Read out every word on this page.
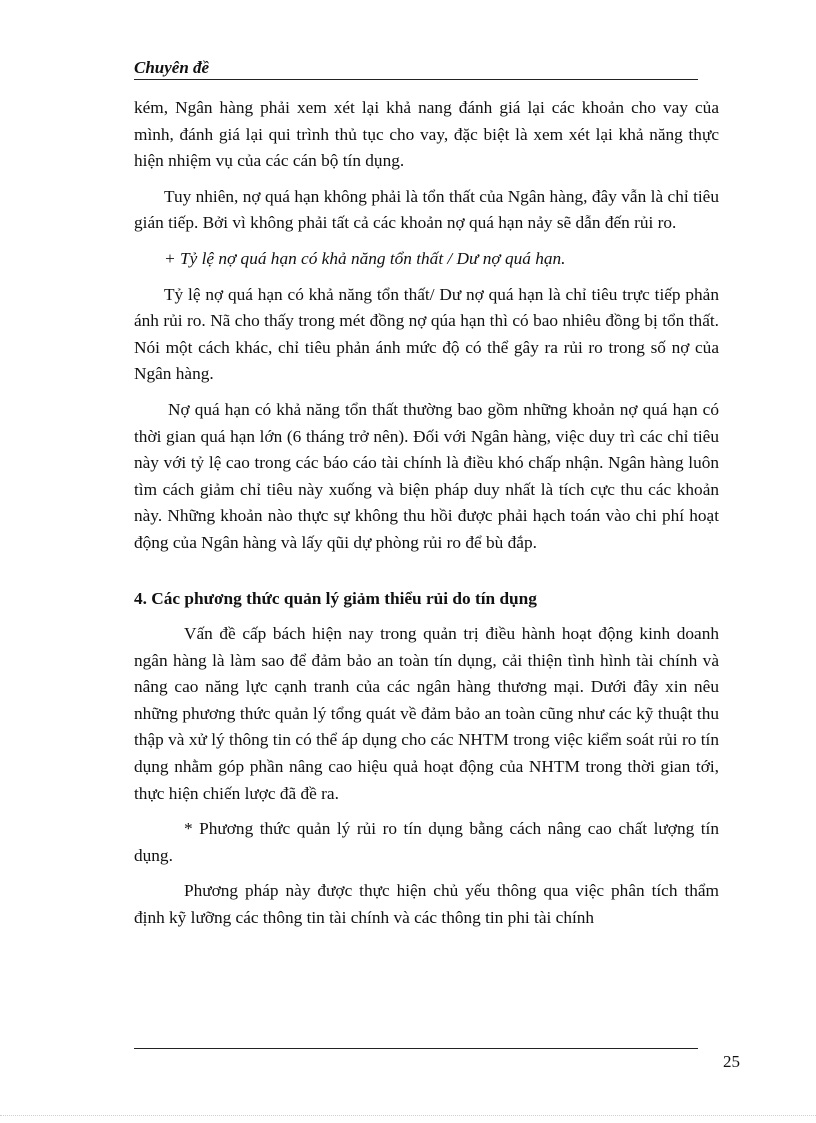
Chuyên đề

kém, Ngân hàng phải xem xét lại khả nang đánh giá lại các khoản cho vay của mình, đánh giá lại qui trình thủ tục cho vay, đặc biệt là xem xét lại khả năng thực hiện nhiệm vụ của các cán bộ tín dụng.

Tuy nhiên, nợ quá hạn không phải là tổn thất của Ngân hàng, đây vẫn là chỉ tiêu gián tiếp. Bởi vì không phải tất cả các khoản nợ quá hạn nảy sẽ dẫn đến rủi ro.

+ Tỷ lệ nợ quá hạn có khả năng tổn thất / Dư nợ quá hạn.

Tỷ lệ nợ quá hạn có khả năng tổn thất/ Dư nợ quá hạn là chỉ tiêu trực tiếp phản ánh rủi ro. Nã cho thấy trong mét đồng nợ qúa hạn thì có bao nhiêu đồng bị tổn thất. Nói một cách khác, chỉ tiêu phản ánh mức độ có thể gây ra rủi ro trong số nợ của Ngân hàng.

Nợ quá hạn có khả năng tổn thất thường bao gồm những khoản nợ quá hạn có thời gian quá hạn lớn (6 tháng trở nên). Đối với Ngân hàng, việc duy trì các chỉ tiêu này với tỷ lệ cao trong các báo cáo tài chính là điều khó chấp nhận. Ngân hàng luôn tìm cách giảm chỉ tiêu này xuống và biện pháp duy nhất là tích cực thu các khoản này. Những khoản nào thực sự không thu hồi được phải hạch toán vào chi phí hoạt động của Ngân hàng và lấy qũi dự phòng rủi ro để bù đắp.

4. Các phương thức quản lý giảm thiểu rủi do tín dụng

Vấn đề cấp bách hiện nay trong quản trị điều hành hoạt động kinh doanh ngân hàng là làm sao để đảm bảo an toàn tín dụng, cải thiện tình hình tài chính và nâng cao năng lực cạnh tranh của các ngân hàng thương mại. Dưới đây xin nêu những phương thức quản lý tổng quát về đảm bảo an toàn cũng như các kỹ thuật thu thập và xử lý thông tin có thể áp dụng cho các NHTM trong việc kiểm soát rủi ro tín dụng nhằm góp phần nâng cao hiệu quả hoạt động của NHTM trong thời gian tới, thực hiện chiến lược đã đề ra.

* Phương thức quản lý rủi ro tín dụng bằng cách nâng cao chất lượng tín dụng.

Phương pháp này được thực hiện chủ yếu thông qua việc phân tích thẩm định kỹ lưỡng các thông tin tài chính và các thông tin phi tài chính

25
